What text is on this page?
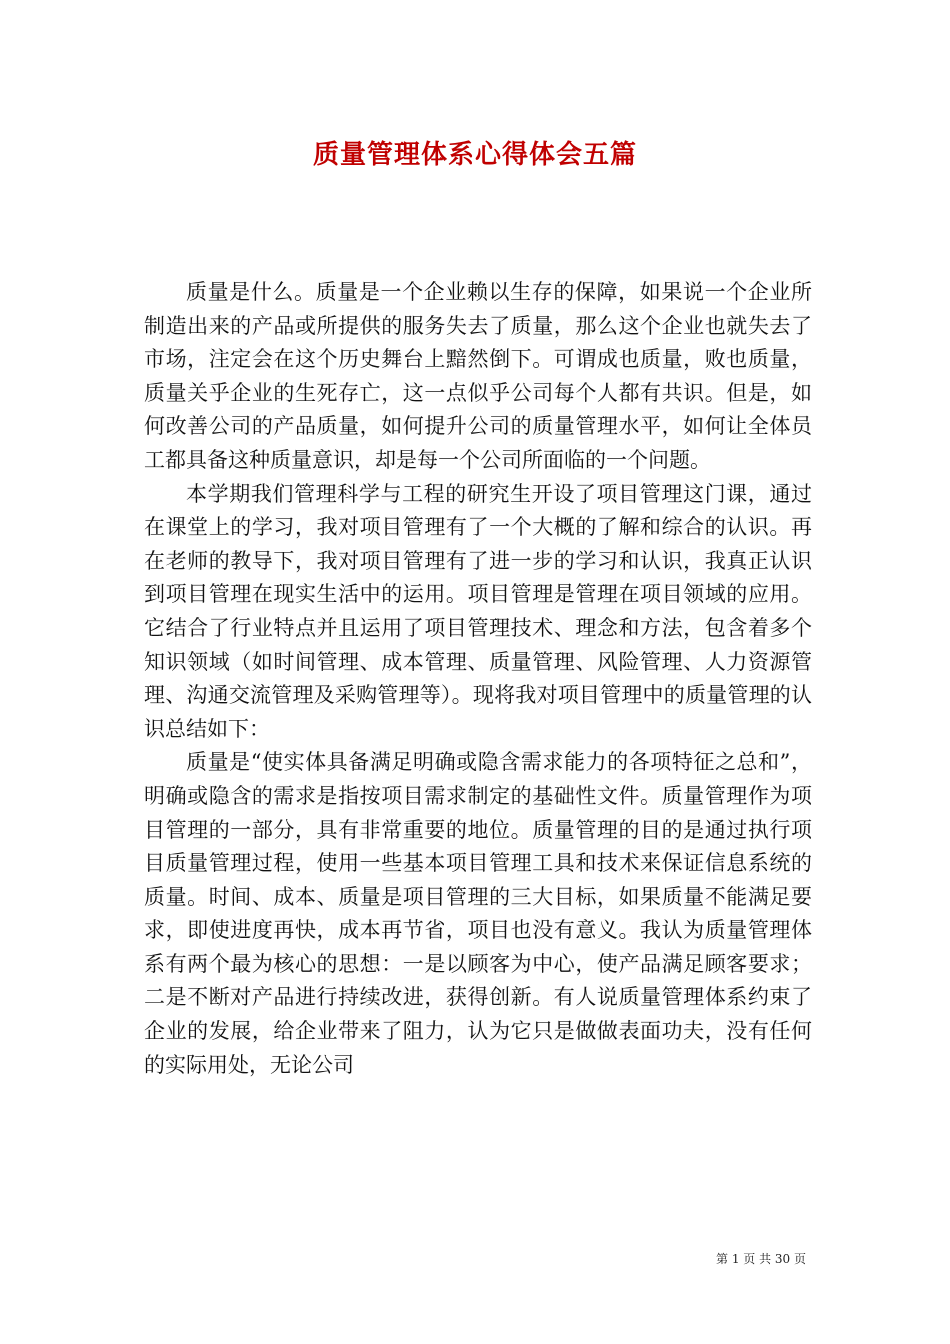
质量管理体系心得体会五篇

质量是什么。质量是一个企业赖以生存的保障，如果说一个企业所制造出来的产品或所提供的服务失去了质量，那么这个企业也就失去了市场，注定会在这个历史舞台上黯然倒下。可谓成也质量，败也质量，质量关乎企业的生死存亡，这一点似乎公司每个人都有共识。但是，如何改善公司的产品质量，如何提升公司的质量管理水平，如何让全体员工都具备这种质量意识，却是每一个公司所面临的一个问题。

本学期我们管理科学与工程的研究生开设了项目管理这门课，通过在课堂上的学习，我对项目管理有了一个大概的了解和综合的认识。再在老师的教导下，我对项目管理有了进一步的学习和认识，我真正认识到项目管理在现实生活中的运用。项目管理是管理在项目领域的应用。它结合了行业特点并且运用了项目管理技术、理念和方法，包含着多个知识领域（如时间管理、成本管理、质量管理、风险管理、人力资源管理、沟通交流管理及采购管理等）。现将我对项目管理中的质量管理的认识总结如下：

质量是“使实体具备满足明确或隐含需求能力的各项特征之总和”，明确或隐含的需求是指按项目需求制定的基础性文件。质量管理作为项目管理的一部分，具有非常重要的地位。质量管理的目的是通过执行项目质量管理过程，使用一些基本项目管理工具和技术来保证信息系统的质量。时间、成本、质量是项目管理的三大目标，如果质量不能满足要求，即使进度再快，成本再节省，项目也没有意义。我认为质量管理体系有两个最为核心的思想：一是以顾客为中心，使产品满足顾客要求；二是不断对产品进行持续改进，获得创新。有人说质量管理体系约束了企业的发展，给企业带来了阻力，认为它只是做做表面功夫，没有任何的实际用处，无论公司

第 1 页 共 30 页
